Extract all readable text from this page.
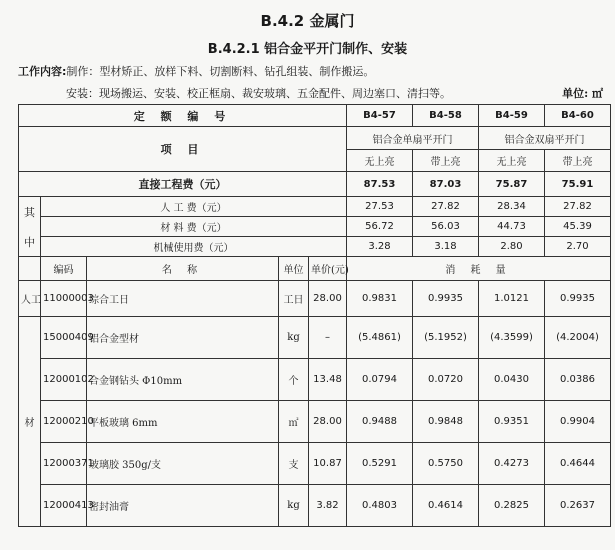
B.4.2 金属门
B.4.2.1 铝合金平开门制作、安装
工作内容:制作：型材矫正、放样下料、切割断料、钻孔组装、制作搬运。
安装：现场搬运、安装、校正框扇、裁安玻璃、五金配件、周边塞口、清扫等。	单位: ㎡
定 额 编 号					B4-57	B4-58	B4-59	B4-60
项 目					铝合金单扇平开门		铝合金双扇平开门	
					无上亮	带上亮	无上亮	带上亮
直接工程费（元）					87.53	87.03	75.87	75.91

其
中	人 工 费（元）				27.53	27.82	28.34	27.82
	材 料 费（元）				56.72	56.03	44.73	45.39
	机械使用费（元）				3.28	3.18	2.80	2.70
	编码	名 称	单位	单价(元)	消 耗 量			
人工	11000003	综合工日	工日	28.00	0.9831	0.9935	1.0121	0.9935
材	15000409	铝合金型材	kg	–	(5.4861)	(5.1952)	(4.3599)	(4.2004)
	12000102	合金钢钻头 Φ10mm	个	13.48	0.0794	0.0720	0.0430	0.0386
	12000210	平板玻璃 6mm	㎡	28.00	0.9488	0.9848	0.9351	0.9904
	12000371	玻璃胶 350g/支	支	10.87	0.5291	0.5750	0.4273	0.4644
	12000413	密封油膏	kg	3.82	0.4803	0.4614	0.2825	0.2637
